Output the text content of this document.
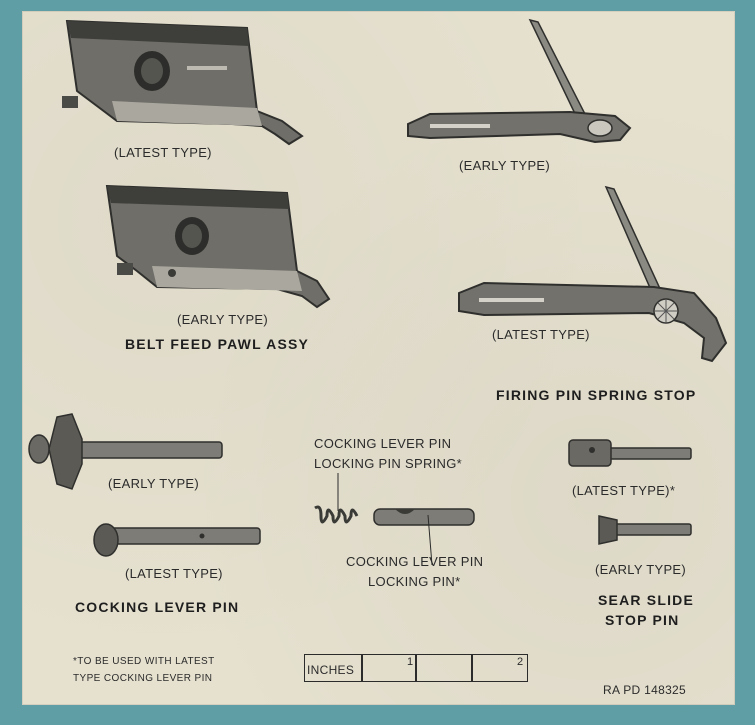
(LATEST TYPE)
(EARLY TYPE)
(EARLY TYPE)
BELT FEED PAWL ASSY
(LATEST TYPE)
FIRING PIN SPRING STOP
(EARLY TYPE)
(LATEST TYPE)
COCKING LEVER PIN
COCKING LEVER PIN
LOCKING PIN SPRING*
COCKING LEVER PIN
LOCKING PIN*
(LATEST TYPE)*
(EARLY TYPE)
SEAR SLIDE
STOP PIN
*TO BE USED WITH LATEST
TYPE COCKING LEVER PIN
INCHES
1	2
RA PD 148325
